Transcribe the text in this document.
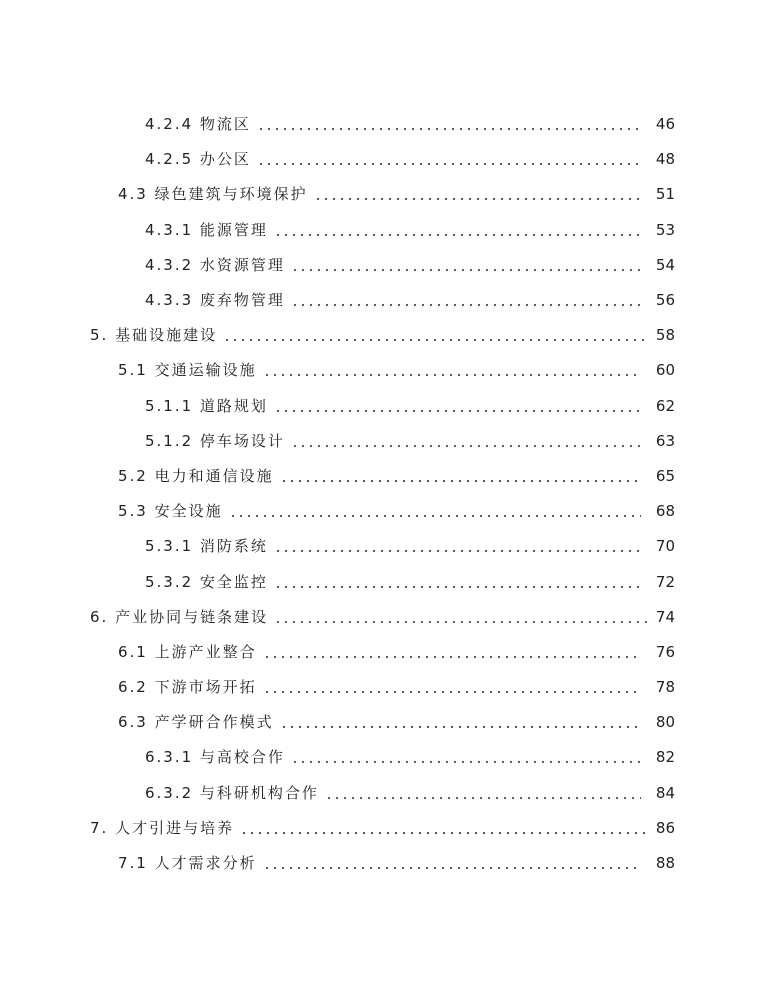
4.2.4 物流区	46
4.2.5 办公区	48
4.3 绿色建筑与环境保护	51
4.3.1 能源管理	53
4.3.2 水资源管理	54
4.3.3 废弃物管理	56
5. 基础设施建设	58
5.1 交通运输设施	60
5.1.1 道路规划	62
5.1.2 停车场设计	63
5.2 电力和通信设施	65
5.3 安全设施	68
5.3.1 消防系统	70
5.3.2 安全监控	72
6. 产业协同与链条建设	74
6.1 上游产业整合	76
6.2 下游市场开拓	78
6.3 产学研合作模式	80
6.3.1 与高校合作	82
6.3.2 与科研机构合作	84
7. 人才引进与培养	86
7.1 人才需求分析	88
